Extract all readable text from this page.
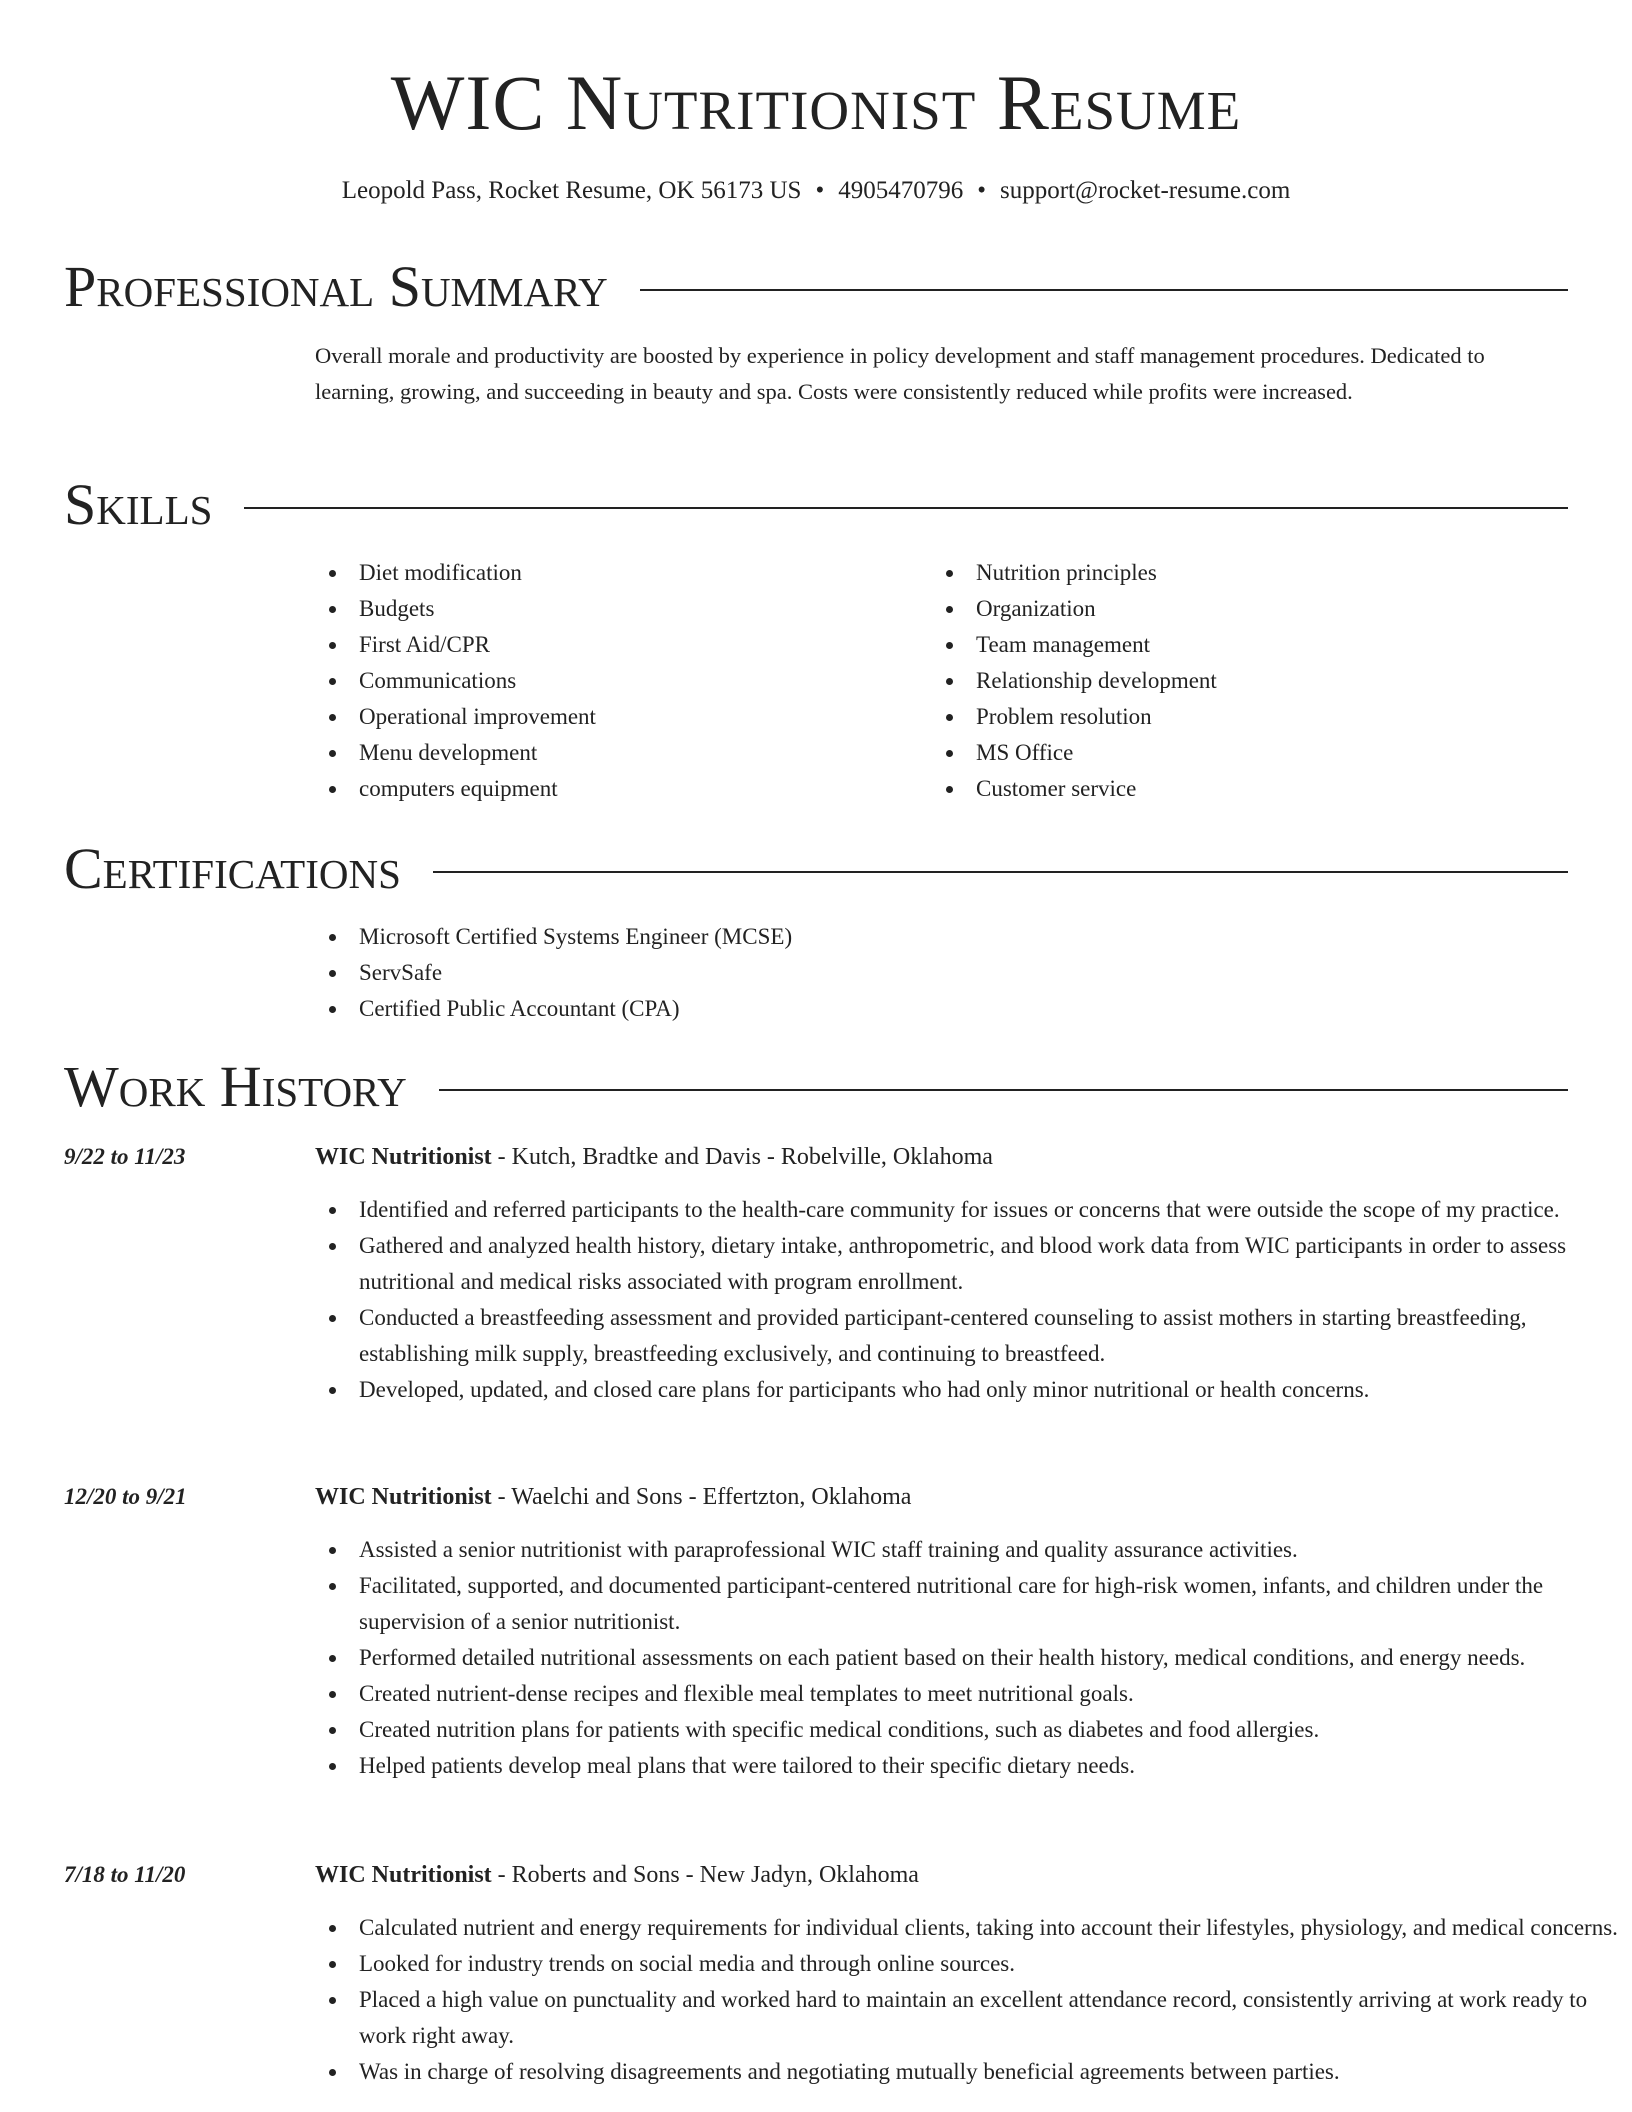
WIC Nutritionist Resume
Leopold Pass, Rocket Resume, OK 56173 US • 4905470796 • support@rocket-resume.com
Professional Summary
Overall morale and productivity are boosted by experience in policy development and staff management procedures. Dedicated to learning, growing, and succeeding in beauty and spa. Costs were consistently reduced while profits were increased.
Skills
Diet modification
Budgets
First Aid/CPR
Communications
Operational improvement
Menu development
computers equipment
Nutrition principles
Organization
Team management
Relationship development
Problem resolution
MS Office
Customer service
Certifications
Microsoft Certified Systems Engineer (MCSE)
ServSafe
Certified Public Accountant (CPA)
Work History
9/22 to 11/23	WIC Nutritionist - Kutch, Bradtke and Davis - Robelville, Oklahoma
Identified and referred participants to the health-care community for issues or concerns that were outside the scope of my practice.
Gathered and analyzed health history, dietary intake, anthropometric, and blood work data from WIC participants in order to assess nutritional and medical risks associated with program enrollment.
Conducted a breastfeeding assessment and provided participant-centered counseling to assist mothers in starting breastfeeding, establishing milk supply, breastfeeding exclusively, and continuing to breastfeed.
Developed, updated, and closed care plans for participants who had only minor nutritional or health concerns.
12/20 to 9/21	WIC Nutritionist - Waelchi and Sons - Effertzton, Oklahoma
Assisted a senior nutritionist with paraprofessional WIC staff training and quality assurance activities.
Facilitated, supported, and documented participant-centered nutritional care for high-risk women, infants, and children under the supervision of a senior nutritionist.
Performed detailed nutritional assessments on each patient based on their health history, medical conditions, and energy needs.
Created nutrient-dense recipes and flexible meal templates to meet nutritional goals.
Created nutrition plans for patients with specific medical conditions, such as diabetes and food allergies.
Helped patients develop meal plans that were tailored to their specific dietary needs.
7/18 to 11/20	WIC Nutritionist - Roberts and Sons - New Jadyn, Oklahoma
Calculated nutrient and energy requirements for individual clients, taking into account their lifestyles, physiology, and medical concerns.
Looked for industry trends on social media and through online sources.
Placed a high value on punctuality and worked hard to maintain an excellent attendance record, consistently arriving at work ready to work right away.
Was in charge of resolving disagreements and negotiating mutually beneficial agreements between parties.
